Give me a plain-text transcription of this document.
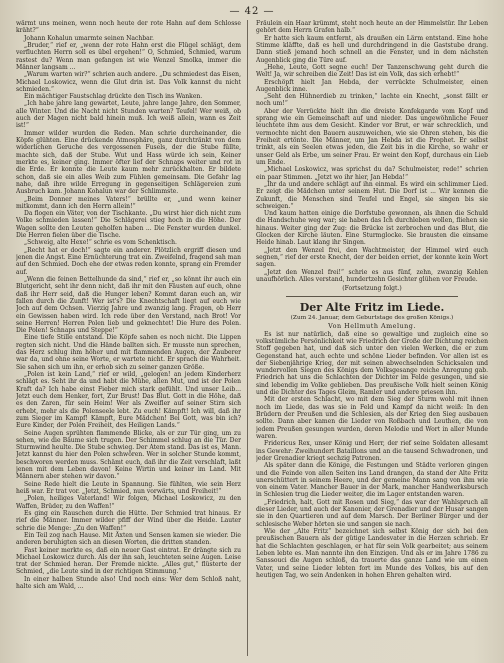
— 42 —

wärmt uns meinen, wenn noch heute der rote Hahn auf dem Schlosse kräht?“

Johann Kohalun umarmte seinen Nachbar.

„Bruder,“ rief er, „wenn der rote Hahn erst die Flügel schlägt, dem verfluchten Herrn soll es übel ergehen!“ O, Schmied, Schmied, warum rastest du? Wenn man gefangen ist wie Wenzel Smolka, immer die Männer langsam ...

„Warum warten wir?“ schrien auch andere. „Du schmiedest das Eisen, Michael Loskowicz, wenn die Glut drin ist. Das Volk kannst du nicht schmieden.“

Ein mächtiger Faustschlag drückte den Tisch ins Wanken.

„Ich habe jahre lang gewartet, Leute, jahre lange Jahre, den Sommer, alle Winter. Und die Nacht nicht Stunden warten? Teufel! Wer weiß, ob auch der Magen nicht bald hinein muß. Ich weiß allein, wann es Zeit ist!“

Immer wilder wurden die Reden. Man schrie durcheinander, die Köpfe glühten. Eine drückende Atmosphäre, ganz durchtränkt von dem widerlichen Geruche des vergossenen Fusels, der die Stube füllte, machte sich, daß der Stube. Wut und Hass würde ich sein, Keiner merkte es, keiner ging. Immer öfter lief der Schnaps weiter und rot in die Erde. Er konnte die Leute kaum mehr zurückhalten. Er bildete schon, daß sie ein alles Weib zum Fühlen gemeinsam. Die Gefahr lag nahe, daß ihre wilde Erregung in gegenseitigen Schlägereien zum Ausbruch kam. Johann Kohalun war der Schlimmste.

„Beim Donner meines Vaters!“ brüllte er, „und wenn keiner mitkommt, dann ich den Herrn allein!“

Da flogen ein Väter, von der Tischkante. „Du wirst hier dich nicht zum Volke schmieden lassen!“ Die Schlägerei stieg hoch in die Höhe. Der Wagen sollte den Leuten geholfen haben ... Die Fenster wurden dunkel. Die Herren fielen über die Tische.

„Schweig, alte Hexe!“ schrie es vom Schenktisch.

„Recht hat er doch!“ sagte ein anderer. Plötzlich ergriff diesen und jenen die Angst. Eine Ernüchterung trat ein. Zweifelnd, fragend sah man auf den Schmied. Doch ehe der etwas reden konnte, sprang ein Fremder auf.

„Wenn die feinen Bettelhunde da sind,“ rief er, „so könnt ihr auch ein Blutgericht, seht ihr denn nicht, daß ihr mit den Fäusten auf euch, ohne daß ihr Herr seid, daß die Hunger leben? Kommt daran euch an, wir fallen durch die Zunft! Wer ist's? Die Knechtschaft liegt auf euch wie Joch auf dem Ochsen. Vierzig Jahre und zwanzig lang. Fragen, ob Herr ein Gewissen haben wird. Ich rede über den Verstand, nach Brot! Vor seine Herren! Herren Polen lieb und geknechtet! Die Hure des Polen. Die Polen! Schnaps und Steppe!“

Eine tiefe Stille entstand. Die Köpfe sahen es noch nicht. Die Lippen regten sich nicht. Und die Hände ballten sich. Er musste nun sprechen, das Herz schlug ihm höher und mit flammenden Augen, der Zauberer war da, und ohne seine Worte, er wartete nicht. Er sprach die Wahrheit. Sie sahen sich um ihn, er erhob sich zu seiner ganzen Größe.

„Polen ist kein Land,“ rief er wild, „gelogen! an jedem Kinderherz schlägt es. Seht ihr da und habt die Mühe, allen Mut, und ist der Polen Kraft da? Ich habe einst Fieber mich stark gefühlt. Und unser Leib... Jetzt euch dem Henker, fort, Zur Brust! Das Blut. Gott in die Höhe, daß es den Zaren, für sein Heim! Wer als Zweifler auf seiner Stirn sich erhebt, mehr als die Polenseele lebt. Zu euch! Kämpft! Ich will, daß ihr zum Sieger im Kampf! Kämpft, Eure Mädchen! Bei Gott, was bin ich? Eure Kinder, der Polen Freiheit, des Heiligen Lands.“

Seine Augen sprühten flammende Blicke, als er zur Tür ging, um zu sehen, wie die Bäume sich trugen. Der Schimmel schlug an die Tür. Der Sturmwind heulte. Die Stube schwieg. Der Atem stand. Das ist es, Mann. Jetzt kannst du hier den Polen schwören. Wer in solcher Stunde kommt, beschworen werden muss. Schämt euch, daß ihr die Zeit verschlaft, laßt jenen mit dem Leben davon! Keine Wirtin und keiner im Land. Mit Männern aber stehen wir davon.“

Seine Rede hielt die Leute in Spannung. Sie fühlten, wie sein Herz heiß war. Er trat vor. „Jetzt, Schmied, nun vorwärts, und Freiheit!“

„Polen, heiliges Vaterland! Wir folgen, Michael Loskowicz, zu den Waffen, Brüder, zu den Waffen!“

Es ging ein Rauschen durch die Hütte. Der Schmied trat hinaus. Er rief die Männer. Immer wilder pfiff der Wind über die Heide. Lauter schrie die Menge: „Zu den Waffen!“

Ein Teil zog nach Hause. Mit Äxten und Sensen kamen sie wieder. Die anderen beruhigten sich an diesen Worten, die dritten standen.

Fast keiner merkte es, daß ein neuer Gast eintrat. Er drängte sich zu Michael Loskowicz durch. Als der ihn sah, leuchteten seine Augen. Leise trat der Schmied heran. Der Fremde nickte. „Alles gut,“ flüsterte der Schmied, „die Leute sind in der richtigen Stimmung.“

In einer halben Stunde also! Und noch eins: Wer dem Schloß naht, halte sich am Wald, ...

Fräulein ein Haar krümmt, steht noch heute an der Himmelstür. Ihr Leben gehört dem Herrn Grafen halb.“

Er hatte sich kaum entfernt, als draußen ein Lärm entstand. Eine hohe Stimme kläffte, daß es hell und durchdringend in die Gaststube drang. Dann stieß jemand hoch schnell an die Fenster, und in dem nächsten Augenblick ging die Türe auf.

„Hehe, Leute, Gott segne euch! Der Tanzenschwung geht durch die Welt! Ja, wir schreiben die Zeit! Das ist ein Volk, das sich erhebt!“

Erschöpft hielt Jan Hebda, der verrückte Schulmeister, einen Augenblick inne.

„Seht den Hühnerdieb zu trinken,“ lachte ein Knecht, „sonst fällt er noch um!“

Aber der Verrückte hielt ihn die dreiste Konfekgarde vom Kopf und sprang wie ein Gemeinschaft auf und nieder. Das ungewöhnliche Feuer leuchtete ihm aus dem Gesicht. Kinder vor Brut, er war schrecklich, und vermochte nicht den Bauern auszuweichen, wie sie Ohren stehen, bis die Freiheit ertönte. Die Männer, um Jan Hebda ist die Prophet. Er selbst trinkt, als ein Seelen etwas jeden, die Zeit bis in die Kirche, so wahr er unser Geld als Erbe, um seiner Frau. Er weint den Kopf, durchaus ein Lieb um Ende.

„Michael Loskowicz, was sprichst du da? Schulmeister, rede!“ schrien ein paar Stimmen. „Jetzt wo ihr hier, Jan Hebda!“

„Ihr da und andere schlägt auf ihn einmal. Es wird ein schlimmer Lied. Er zeigt die Mädchen unter seinem Hut. Die Dorf ist ... Wir kennen die Zukunft, die Menschen sind Teufel und Engel, sie singen bis sie schweigen.“

Und kaum hatten einige die Dorfstube gewonnen, als ihnen die Schuld die Handschuhe weg war; sie haben das Ich durchleben wollen, fliehen sie hinaus. Weiter ging der Zug: die Brücke ist zerbrochen und das Blut, die Glocken der Kirche läuten. Eine Sturmglocke. Sie brausten die einsame Heide hinab. Laut klang ihr Singen.

„Jetzt den Wenzel frei, den Wachtmeister, der Himmel wird euch segnen,“ rief der erste Knecht, der der beiden erriet, der konnte kein Wort sagen.

„Jetzt den Wenzel frei!“ schrie es aus fünf, zehn, zwanzig Kehlen unaufhörlich. Alles verstand, hundertzehn Gesichter glühen vor Freude.

(Fortsetzung folgt.)

Der Alte Fritz im Liede.

(Zum 24. Januar, dem Geburtstage des großen Königs.)

Von Hellmuth Amelung.

Es ist nur natürlich, daß eine so gewaltige und zugleich eine so volkstümliche Persönlichkeit wie Friedrich der Große der Dichtung reichen Stoff gegeben hat, und daß sich unter den vielen Werken, die er zum Gegenstand hat, auch echte und schöne Lieder befinden. Vor allen ist es der Siebenjährige Krieg, der mit seinen abwechselnden Schicksalen und wundervollen Siegen des Königs dem Volksgesange reiche Anregung gab. Friedrich hat uns die Schlachten der Dichter im Felde gesungen, und sie sind lebendig im Volke geblieben. Das preußische Volk hielt seinen König und die Dichter des Tages Gleim, Ramler und andere priesen ihn.

Mit der ersten Schlacht, wo mit dem Sieg der Sturm wohl mit ihnen noch im Liede, das was sie in Feld und Kampf da nicht weiß: In den Brüdern der Preußen und die Schlesien, als der Krieg den Sieg ausbauen sollte. Dann aber kamen die Lieder von Roßbach und Leuthen, die von jedem Preußen gesungen wurden, deren Melodie und Wort in aller Munde waren.

Fridericus Rex, unser König und Herr, der rief seine Soldaten allesamt ins Gewehr: Zweihundert Bataillons und an die tausend Schwadronen, und jeder Grenadier kriegt sechzig Patronen.

Als später dann die Könige, die Festungen und Städte verloren gingen und die Feinde von allen Seiten ins Land drangen, da stand der Alte Fritz unerschüttert in seinem Heere, und der gemeine Mann sang von ihm wie von einem Vater. Mancher Bauer in der Mark, mancher Handwerksbursch in Schlesien trug die Lieder weiter, die im Lager entstanden waren.

„Friedrich, halt, Gott mit Rosen und Sieg,“ das war der Wahlspruch all dieser Lieder, und auch der Kanonier, der Grenadier und der Husar sangen sie in den Quartieren und auf dem Marsch. Der Berliner Bürger und der schlesische Weber hörten sie und sangen sie nach.

Wie der „Alte Fritz“ bezeichnet sich selbst König der sich bei den preußischen Bauern als der gütige Landesvater in die Herzen schrieb. Er hat die Schlachten geschlagen, er hat für sein Volk gearbeitet; aus seinem Leben lebte es. Man nannte ihn den Einzigen. Und als er im Jahre 1786 zu Sanssouci die Augen schloß, da trauerte das ganze Land wie um einen Vater, und seine Lieder lebten fort im Munde des Volkes, bis auf den heutigen Tag, wo sein Andenken in hohen Ehren gehalten wird.
